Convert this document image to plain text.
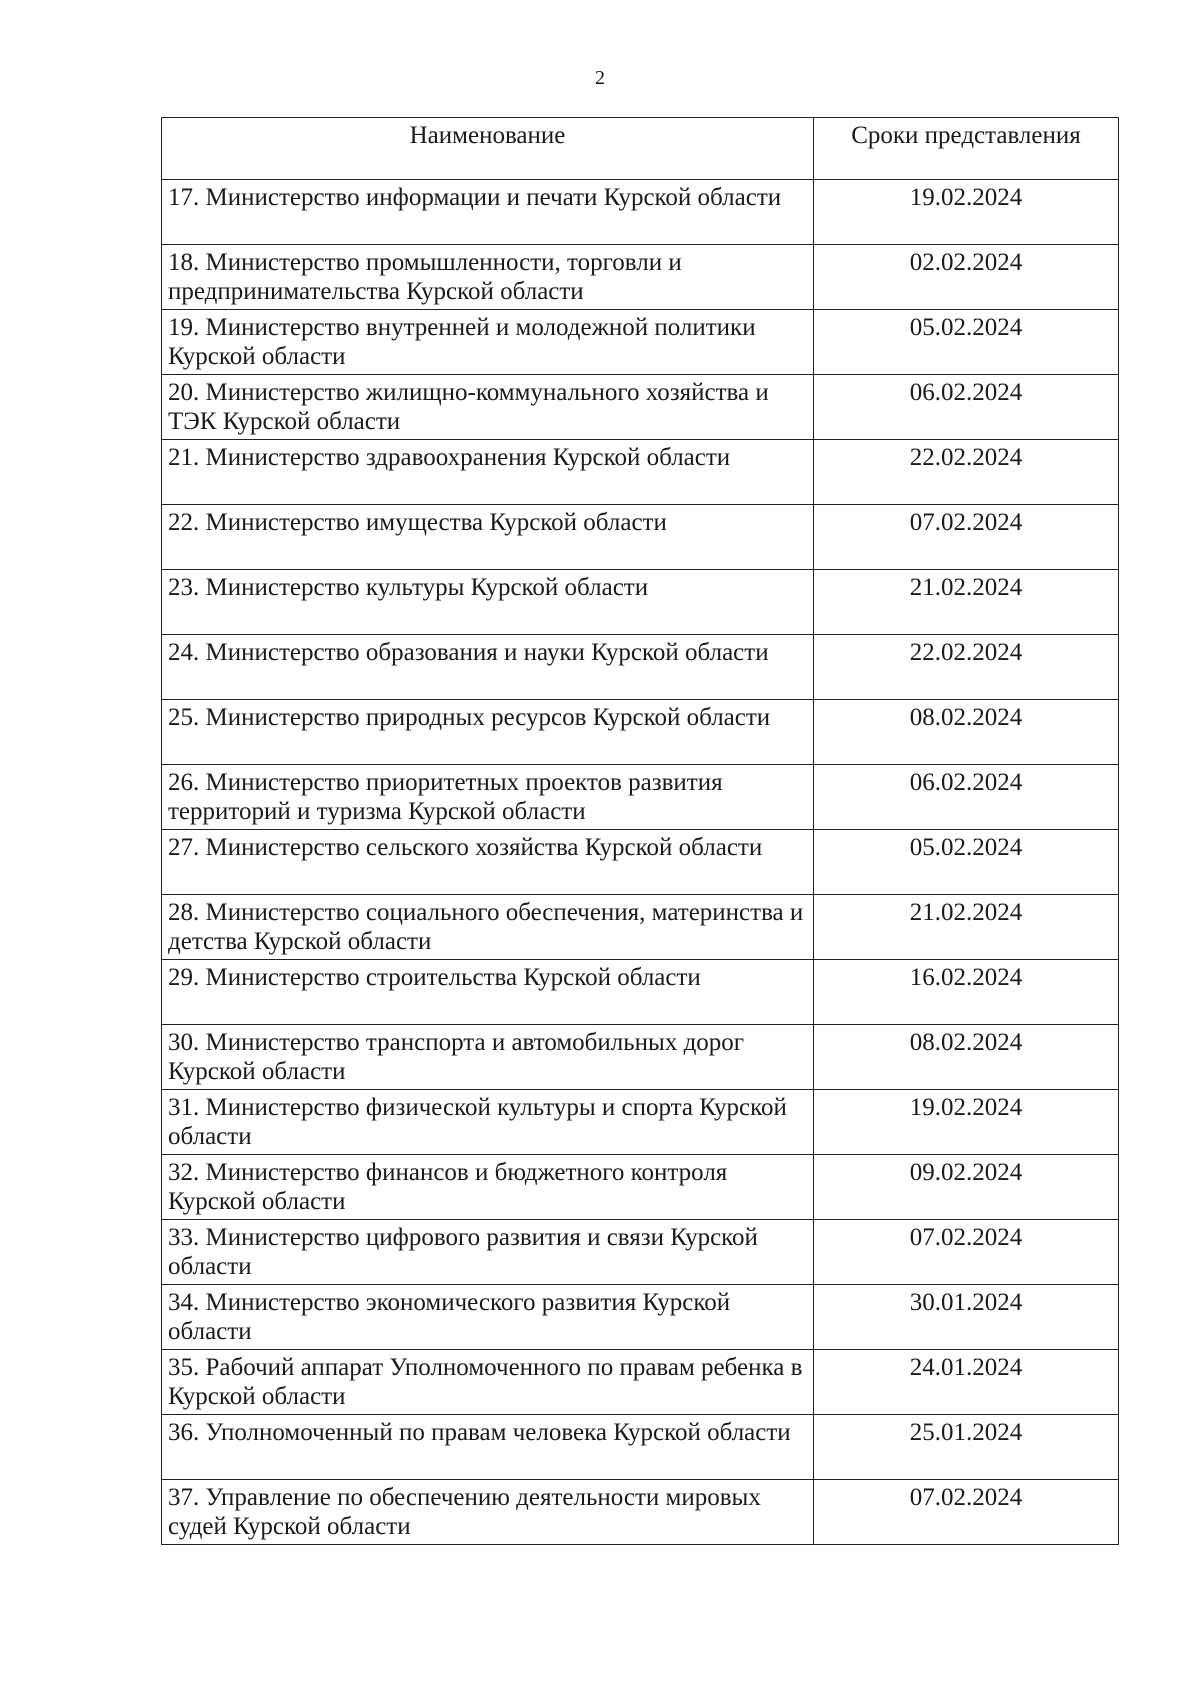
2
Наименование	Сроки представления
17. Министерство информации и печати Курской области	19.02.2024
18. Министерство промышленности, торговли и предпринимательства Курской области	02.02.2024
19. Министерство внутренней и молодежной политики Курской области	05.02.2024
20. Министерство жилищно-коммунального хозяйства и ТЭК Курской области	06.02.2024
21. Министерство здравоохранения Курской области	22.02.2024
22. Министерство имущества Курской области	07.02.2024
23. Министерство культуры Курской области	21.02.2024
24. Министерство образования и науки Курской области	22.02.2024
25. Министерство природных ресурсов Курской области	08.02.2024
26. Министерство приоритетных проектов развития территорий и туризма Курской области	06.02.2024
27. Министерство сельского хозяйства Курской области	05.02.2024
28. Министерство социального обеспечения, материнства и детства Курской области	21.02.2024
29. Министерство строительства Курской области	16.02.2024
30. Министерство транспорта и автомобильных дорог Курской области	08.02.2024
31. Министерство физической культуры и спорта Курской области	19.02.2024
32. Министерство финансов и бюджетного контроля Курской области	09.02.2024
33. Министерство цифрового развития и связи Курской области	07.02.2024
34. Министерство экономического развития Курской области	30.01.2024
35. Рабочий аппарат Уполномоченного по правам ребенка в Курской области	24.01.2024
36. Уполномоченный по правам человека Курской области	25.01.2024
37. Управление по обеспечению деятельности мировых судей Курской области	07.02.2024
